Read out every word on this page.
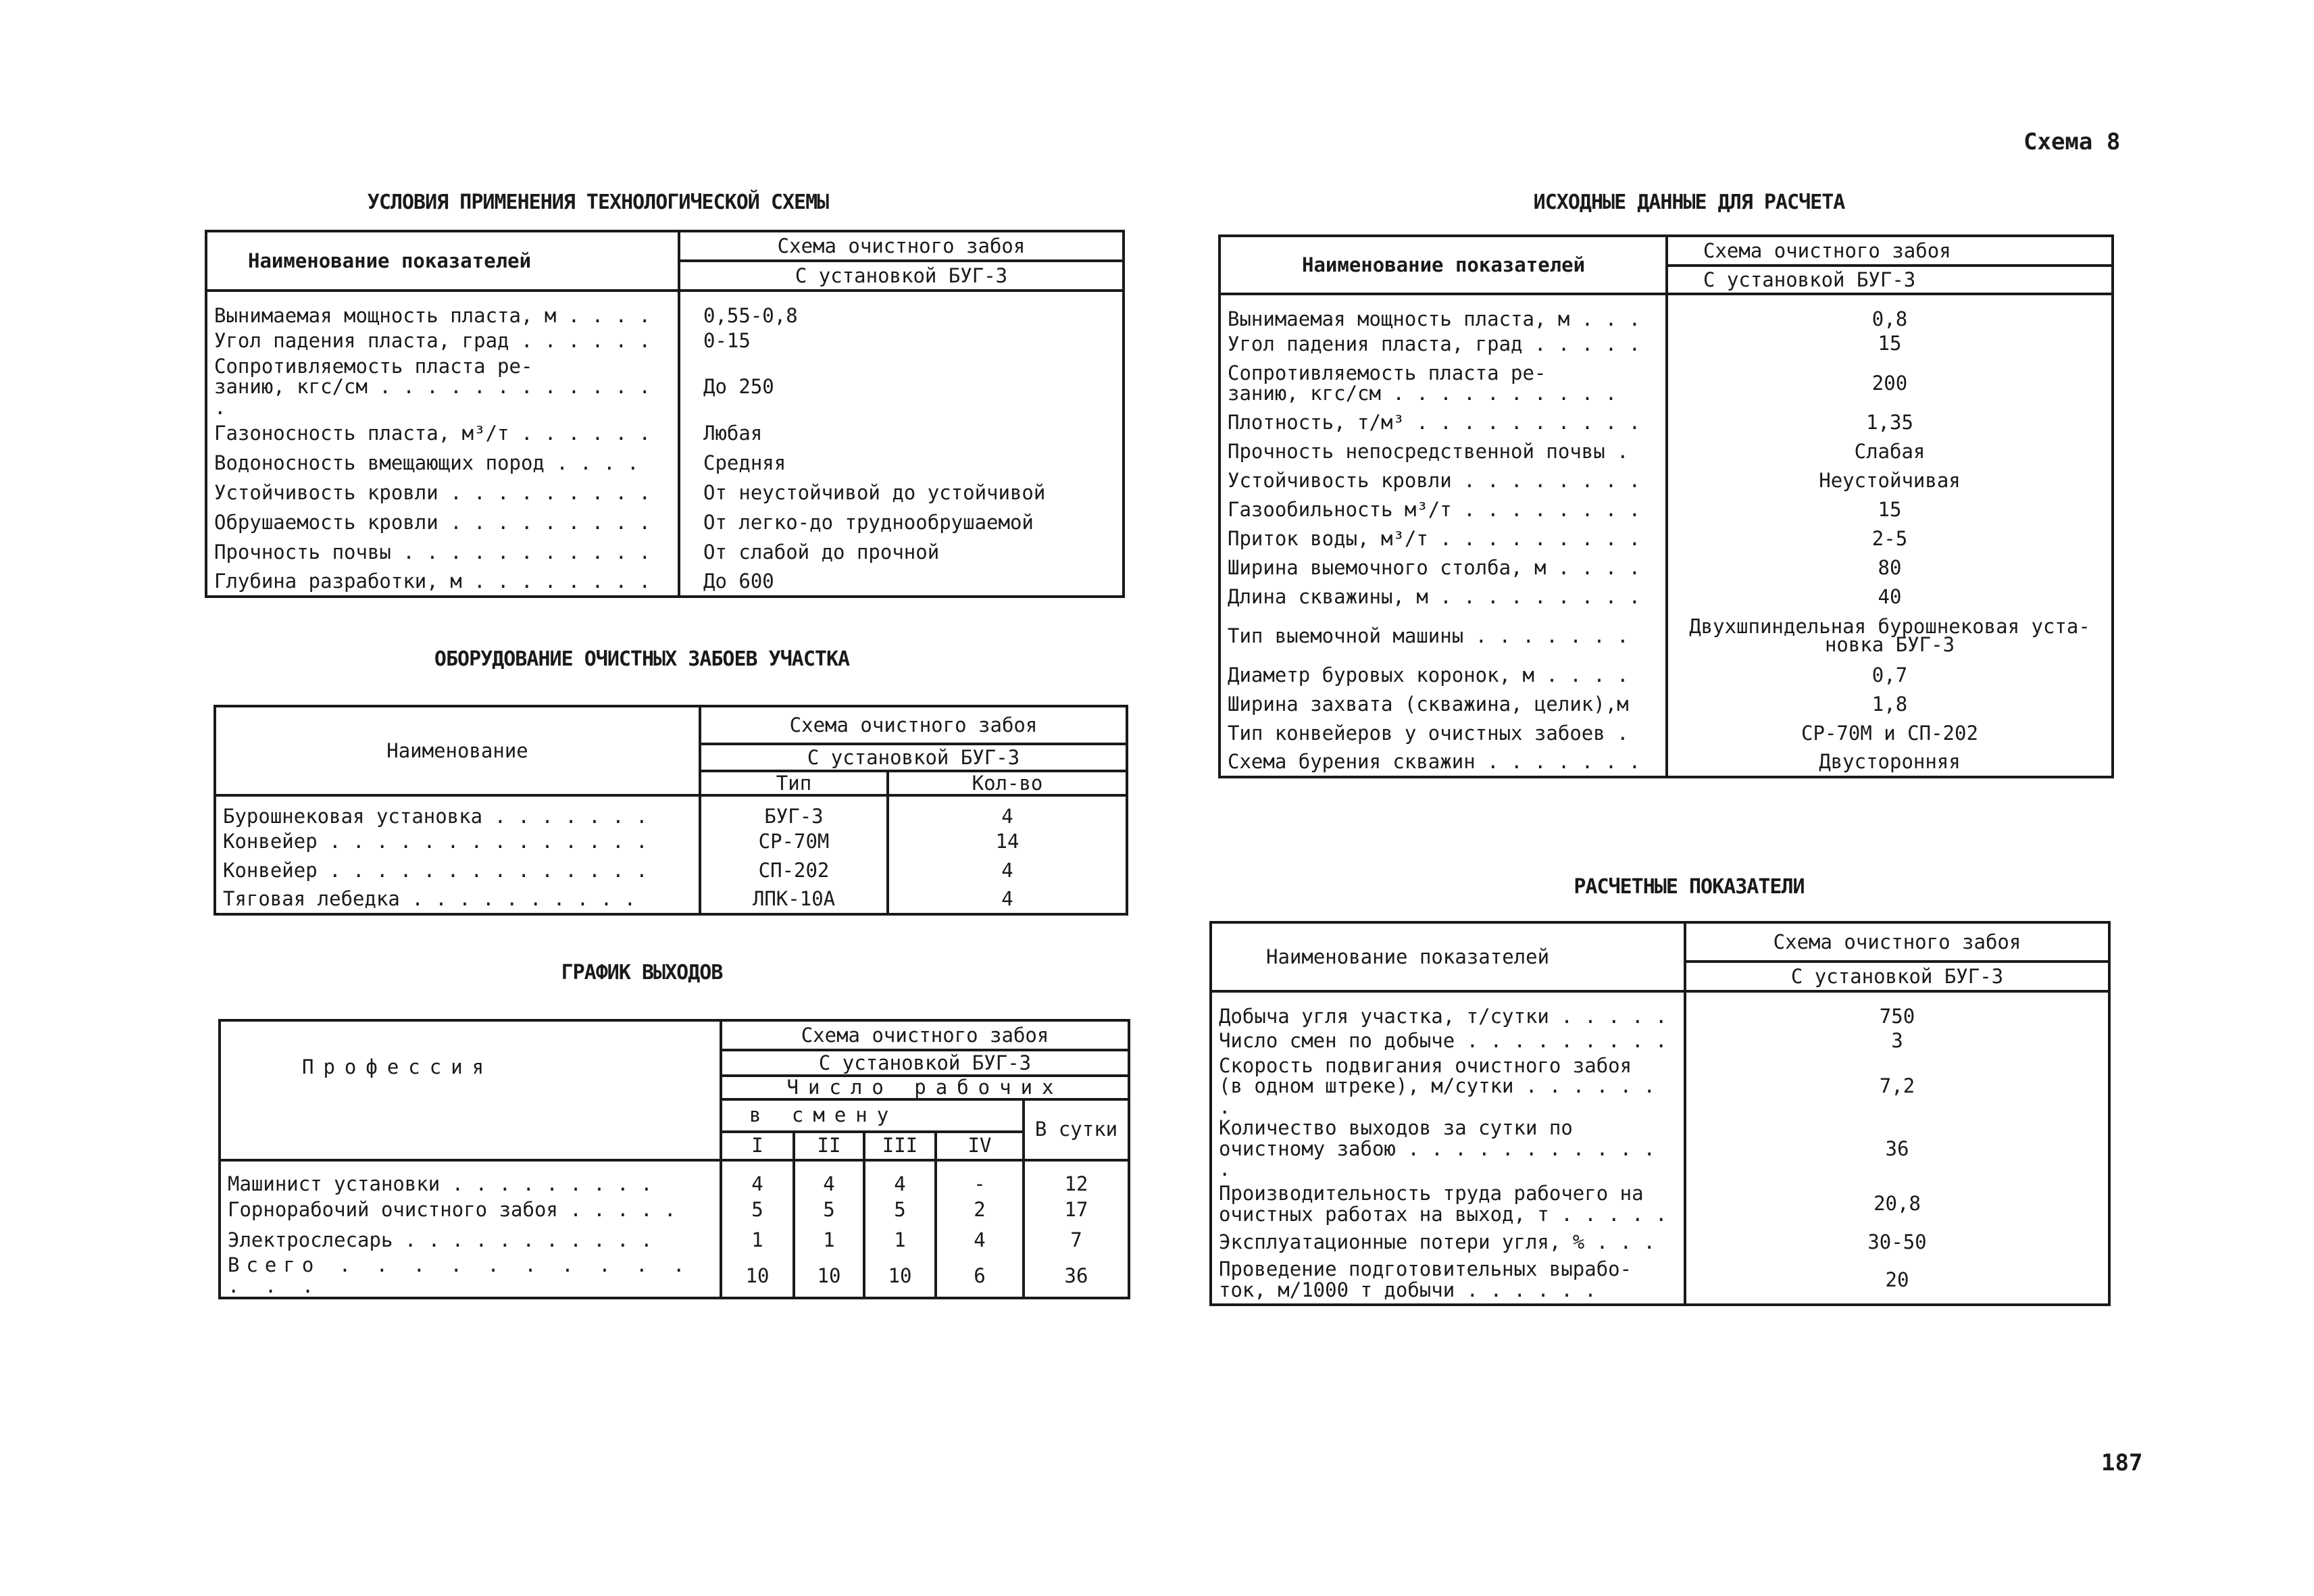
Схема 8
187
УСЛОВИЯ ПРИМЕНЕНИЯ ТЕХНОЛОГИЧЕСКОЙ СХЕМЫ
Наименование показателей	Схема очистного забоя
	С установкой БУГ-3
Вынимаемая мощность пласта, м . . . .	0,55-0,8
Угол падения пласта, град . . . . . .	0-15
Сопротивляемость пласта ре-
занию, кгс/см . . . . . . . . . . . . .	До 250
Газоносность пласта, м³/т . . . . . .	Любая
Водоносность вмещающих пород . . . .	Средняя
Устойчивость кровли . . . . . . . . .	От неустойчивой до устойчивой
Обрушаемость кровли . . . . . . . . .	От легко-до труднообрушаемой
Прочность почвы . . . . . . . . . . .	От слабой до прочной
Глубина разработки, м . . . . . . . .	До 600
ОБОРУДОВАНИЕ ОЧИСТНЫХ ЗАБОЕВ УЧАСТКА
Наименование	Схема очистного забоя	
	С установкой БУГ-3	
	Тип	Кол-во
Бурошнековая установка . . . . . . .	БУГ-3	4
Конвейер . . . . . . . . . . . . . .	СР-70М	14
Конвейер . . . . . . . . . . . . . .	СП-202	4
Тяговая лебедка . . . . . . . . . .	ЛПК-10А	4
ГРАФИК ВЫХОДОВ
Профессия	Схема очистного забоя				
	С установкой БУГ-3				
	Число рабочих				
	в смену				В сутки
	I	II	III	IV	
Машинист установки . . . . . . . . .	4	4	4	-	12
Горнорабочий очистного забоя . . . . .	5	5	5	2	17
Электрослесарь . . . . . . . . . . .	1	1	1	4	7
Всего . . . . . . . . . . . . .	10	10	10	6	36
ИСХОДНЫЕ ДАННЫЕ ДЛЯ РАСЧЕТА
Наименование показателей	Схема очистного забоя
	С установкой БУГ-3
Вынимаемая мощность пласта, м . . .	0,8
Угол падения пласта, град . . . . .	15
Сопротивляемость пласта ре-
занию, кгс/см . . . . . . . . . .	200
Плотность, т/м³ . . . . . . . . . .	1,35
Прочность непосредственной почвы .	Слабая
Устойчивость кровли . . . . . . . .	Неустойчивая
Газообильность м³/т . . . . . . . .	15
Приток воды, м³/т . . . . . . . . .	2-5
Ширина выемочного столба, м . . . .	80
Длина скважины, м . . . . . . . . .	40
Тип выемочной машины . . . . . . .	Двухшпиндельная бурошнековая уста-
новка БУГ-3
Диаметр буровых коронок, м . . . .	0,7
Ширина захвата (скважина, целик),м	1,8
Тип конвейеров у очистных забоев .	СР-70М и СП-202
Схема бурения скважин . . . . . . .	Двусторонняя
РАСЧЕТНЫЕ ПОКАЗАТЕЛИ
Наименование показателей	Схема очистного забоя
	С установкой БУГ-3
Добыча угля участка, т/сутки . . . . .	750
Число смен по добыче . . . . . . . . .	3
Скорость подвигания очистного забоя
(в одном штреке), м/сутки . . . . . . .	7,2
Количество выходов за сутки по
очистному забою . . . . . . . . . . . .	36
Производительность труда рабочего на
очистных работах на выход, т . . . . .	20,8
Эксплуатационные потери угля, % . . .	30-50
Проведение подготовительных вырабо-
ток, м/1000 т добычи . . . . . .	20
